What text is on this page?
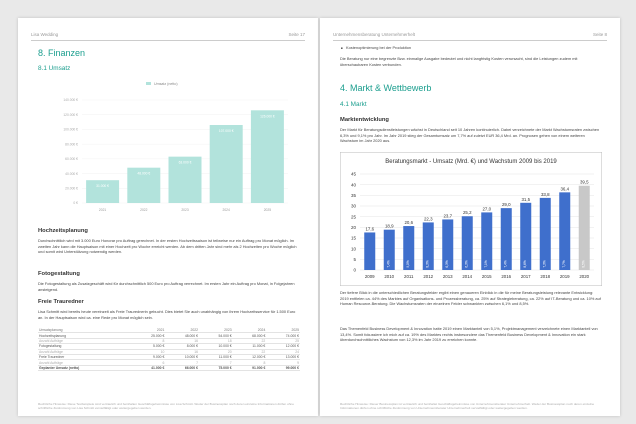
Lisa Wedding	Seite 17
8. Finanzen
8.1 Umsatz
Umsatz (netto)
0 €
20.000 €
40.000 €
60.000 €
80.000 €
100.000 €
120.000 €
140.000 €
31.000 €
2021
48.000 €
2022
63.000 €
2023
107.000 €
2024
126.000 €
2025
Hochzeitsplanung
Durchschnittlich wird mit 3.000 Euro Honorar pro Auftrag gerechnet. In der ersten Hochzeitssaison ist teilweise nur ein Auftrag pro Monat möglich. Im zweiten Jahr kann die Hauptsaison mit einer Hochzeit pro Woche erreicht werden. Ab dem dritten Jahr sind mehr als 2 Hochzeiten pro Woche möglich und somit wird Unterstützung notwendig werden.
Fotogestaltung
Die Fotogestaltung als Zusatzgeschäft wird für durchschnittlich 500 Euro pro Auftrag verrechnet. Im ersten Jahr ein Auftrag pro Monat, in Folgejahren ansteigend.
Freie Trauredner
Lisa Schmitt wird bereits heute vereinzelt als Freie Traurednerin gebucht. Dies bietet Sie auch unabhängig von ihrem Hochzeitsservice für 1.500 Euro an. In der Hauptsaison wird ca. eine Rede pro Monat möglich sein.
Umsatzplanung	2021	2022	2023	2024	2025
Hochzeitsplanung	25.000 €	48.000 €	54.000 €	68.000 €	74.000 €
Anzahl Aufträge	8	16	18	22	25
Fotogestaltung	5.000 €	8.000 €	10.000 €	11.000 €	12.000 €
Anzahl Aufträge	10	16	20	22	24
Freie Trauredner	9.000 €	10.000 €	11.000 €	12.000 €	13.000 €
Anzahl Aufträge	6	7	7	8	9
Geplanter Umsatz (netto)	41.000 €	66.000 €	75.000 €	91.000 €	99.000 €
Rechtliche Hinweise: Diese Textbeispiele sind vertraulich und beinhalten Geschäftsgeheimnisse von Lisa Schmitt. Weder der Businessplan noch deren einzelne Informationen dürfen ohne schriftliche Zustimmung von Lisa Schmitt vervielfältigt oder weitergegeben werden.
Unternehmensberatung Unternehmerhelt	Seite 8
■ Kostenoptimierung bei der Produktion
Die Beratung nur eine begrenzte Bzw. einmalige Ausgabe bedeutet und nicht langfristig Kosten verursacht, sind die Leistungen zudem mit überschaubaren Kosten verbunden.
4. Markt & Wettbewerb
4.1 Markt
Marktentwicklung
Der Markt für Beratungsdienstleistungen wächst in Deutschland seit 10 Jahren kontinuierlich. Dabei verzeichnete der Markt Wachstumsraten zwischen 6,3% und 9,1% pro Jahr. Im Jahr 2019 stieg der Gesamtumsatz um 7,7% auf zuletzt EUR 36,4 Mrd. an. Prognosen gehen von einem weiteren Wachstum im Jahr 2020 aus.
Beratungsmarkt - Umsatz (Mrd. €) und Wachstum 2009 bis 2019
0
5
10
15
20
25
30
35
40
45
17,6
2009
18,9
2010
7,4%
20,6
2011
9,0%
22,3
2012
8,3%
23,7
2013
6,3%
25,2
2014
6,3%
27,0
2015
7,1%
29,0
2016
7,4%
31,5
2017
8,6%
33,8
2018
7,3%
36,4
2019
7,7%
39,5
2020
8,5%
Der tiefere Blick in die unterschiedlichen Beratungsfelder ergibt einen genaueren Einblick in die für meine Beratungsleistung relevante Entwicklung: 2019 entfielen ca. 44% des Marktes auf Organisations- und Prozessberatung, ca. 25% auf Strategieberatung, ca. 22% auf IT-Beratung und ca. 10% auf Human Resource-Beratung. Die Wachstumsraten der einzelnen Felder schwankten zwischen 6,1% und 8,5%.
Das Themenfeld Business Development & Innovation hatte 2019 einen Marktanteil von 5,1%, Projektmanagement verzeichnete einen Marktanteil von 13,4%. Somit fokussiere ich mich auf ca. 19% des Marktes rechts insbesondere das Themenfeld Business Development & Innovation ein stark überdurchschnittliches Wachstum von 12,3% im Jahr 2019 zu erreichen konnte.
Rechtliche Hinweise: Dieser Businessplan ist vertraulich und beinhaltet Geschäftsgeheimnisse von Unternehmensberater Unternehmerhelt. Weder der Businessplan noch deren einzelne Informationen dürfen ohne schriftliche Zustimmung von Unternehmensberater Unternehmerhelt vervielfältigt oder weitergegeben werden.
